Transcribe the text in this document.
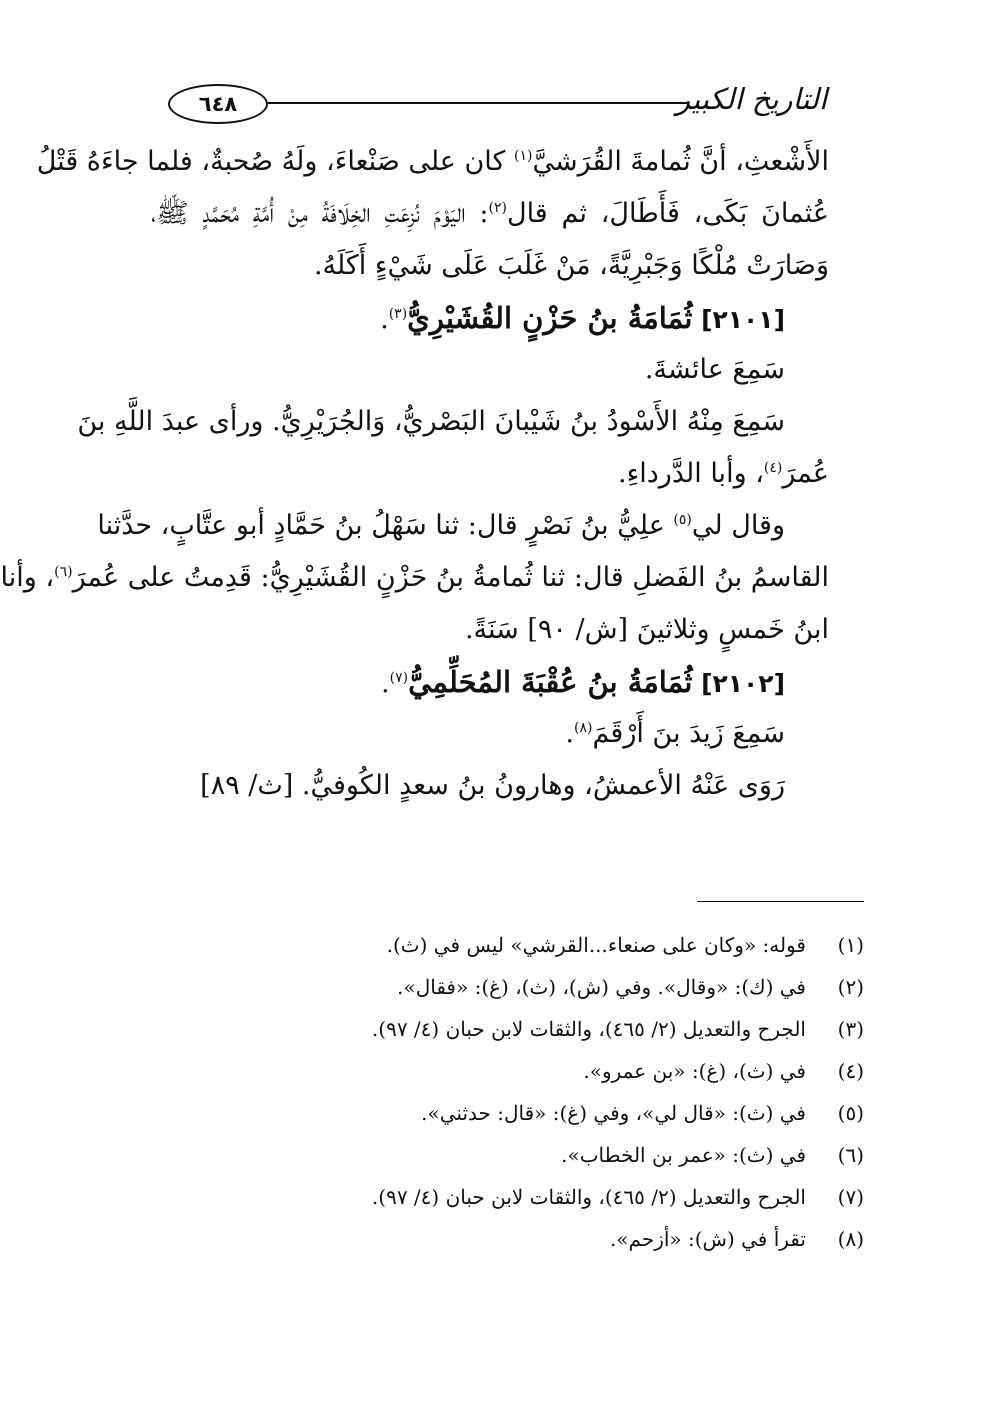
٦٤٨	التاريخ الكبير
الأَشْعثِ، أنَّ ثُمامةَ القُرَشيَّ$^{(١)}$ كان على صَنْعاءَ، ولَهُ صُحبةٌ، فلما جاءَهُ قَتْلُ
عُثمانَ بَكَى، فَأَطَالَ، ثم قال$^{(٢)}$: اليَوْمَ نُزِعَتِ الخِلَافَةُ مِنْ أُمَّةِ مُحَمَّدٍ ﷺ،
وَصَارَتْ مُلْكًا وَجَبْرِيَّةً، مَنْ غَلَبَ عَلَى شَيْءٍ أَكَلَهُ.
[٢١٠١] ثُمَامَةُ بنُ حَزْنٍ القُشَيْرِيُّ$^{(٣)}$.
سَمِعَ عائشةَ.
سَمِعَ مِنْهُ الأَسْودُ بنُ شَيْبانَ البَصْريُّ، وَالجُرَيْرِيُّ. ورأى عبدَ اللَّهِ بنَ
عُمرَ$^{(٤)}$، وأبا الدَّرداءِ.
وقال لي$^{(٥)}$ علِيُّ بنُ نَصْرٍ قال: ثنا سَهْلُ بنُ حَمَّادٍ أبو عتَّابٍ، حدَّثنا
القاسمُ بنُ الفَضلِ قال: ثنا ثُمامةُ بنُ حَزْنٍ القُشَيْرِيُّ: قَدِمتُ على عُمرَ$^{(٦)}$، وأنا
ابنُ خَمسٍ وثلاثينَ [ش/ ٩٠] سَنَةً.
[٢١٠٢] ثُمَامَةُ بنُ عُقْبَةَ المُحَلِّمِيُّ$^{(٧)}$.
سَمِعَ زَيدَ بنَ أَرْقَمَ$^{(٨)}$.
رَوَى عَنْهُ الأعمشُ، وهارونُ بنُ سعدٍ الكُوفيُّ. [ث/ ٨٩]
(١)قوله: «وكان على صنعاء...القرشي» ليس في (ث).
(٢)في (ك): «وقال». وفي (ش)، (ث)، (غ): «فقال».
(٣)الجرح والتعديل (٢/ ٤٦٥)، والثقات لابن حبان (٤/ ٩٧).
(٤)في (ث)، (غ): «بن عمرو».
(٥)في (ث): «قال لي»، وفي (غ): «قال: حدثني».
(٦)في (ث): «عمر بن الخطاب».
(٧)الجرح والتعديل (٢/ ٤٦٥)، والثقات لابن حبان (٤/ ٩٧).
(٨)تقرأ في (ش): «أزحم».
